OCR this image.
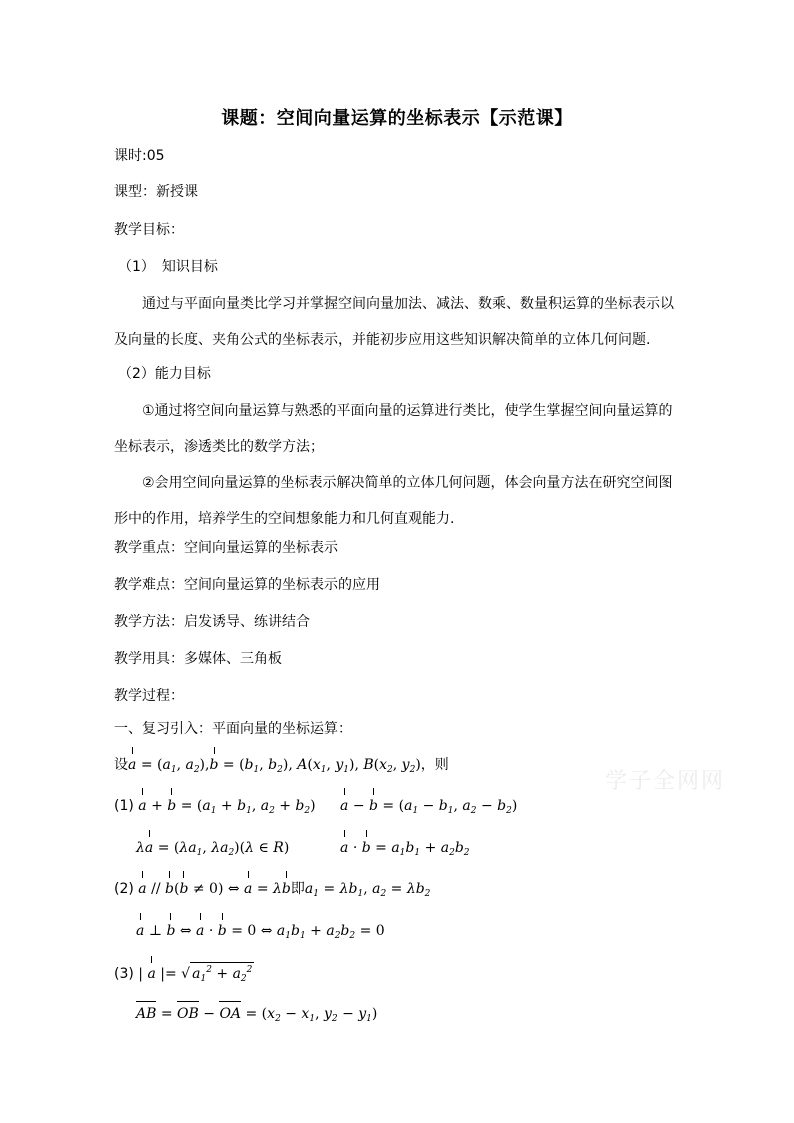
课题：空间向量运算的坐标表示【示范课】
课时:05
课型：新授课
教学目标：
（1）　知识目标
通过与平面向量类比学习并掌握空间向量加法、减法、数乘、数量积运算的坐标表示以及向量的长度、夹角公式的坐标表示，并能初步应用这些知识解决简单的立体几何问题.
（2）能力目标
①通过将空间向量运算与熟悉的平面向量的运算进行类比，使学生掌握空间向量运算的坐标表示，渗透类比的数学方法；
②会用空间向量运算的坐标表示解决简单的立体几何问题，体会向量方法在研究空间图形中的作用，培养学生的空间想象能力和几何直观能力.
教学重点：空间向量运算的坐标表示
教学难点：空间向量运算的坐标表示的应用
教学方法：启发诱导、练讲结合
教学用具：多媒体、三角板
教学过程：
一、复习引入：平面向量的坐标运算：
设$a = (a_1$, $a_2),b = (b_1$, $b_2$), $A(x_1$, $y_1$), $B(x_2$, $y_2$)，则
学子全网网
(1) $a + b = (a_1 + b_1$, $a_2 + b_2$) $a - b = (a_1 - b_1$, $a_2 - b_2$)
$\lambda a = (\lambda a_1$, $\lambda a_2)(\lambda$ ∈ R)	$a \cdot b = a_1b_1 + a_2b_2$
(2) a // b(b ≠ 0) ⇔ a = λb即$a_1 = \lambda b_1$, $a_2 = \lambda b_2$
a ⊥ b ⇔ a · b = 0 ⇔ $a_1b_1 + a_2b_2 = 0$
(3) | a |= √ $a_1^2 + a_2^2$
AB = OB − OA = ($x_2 - x_1$, $y_2 - y_1$)
